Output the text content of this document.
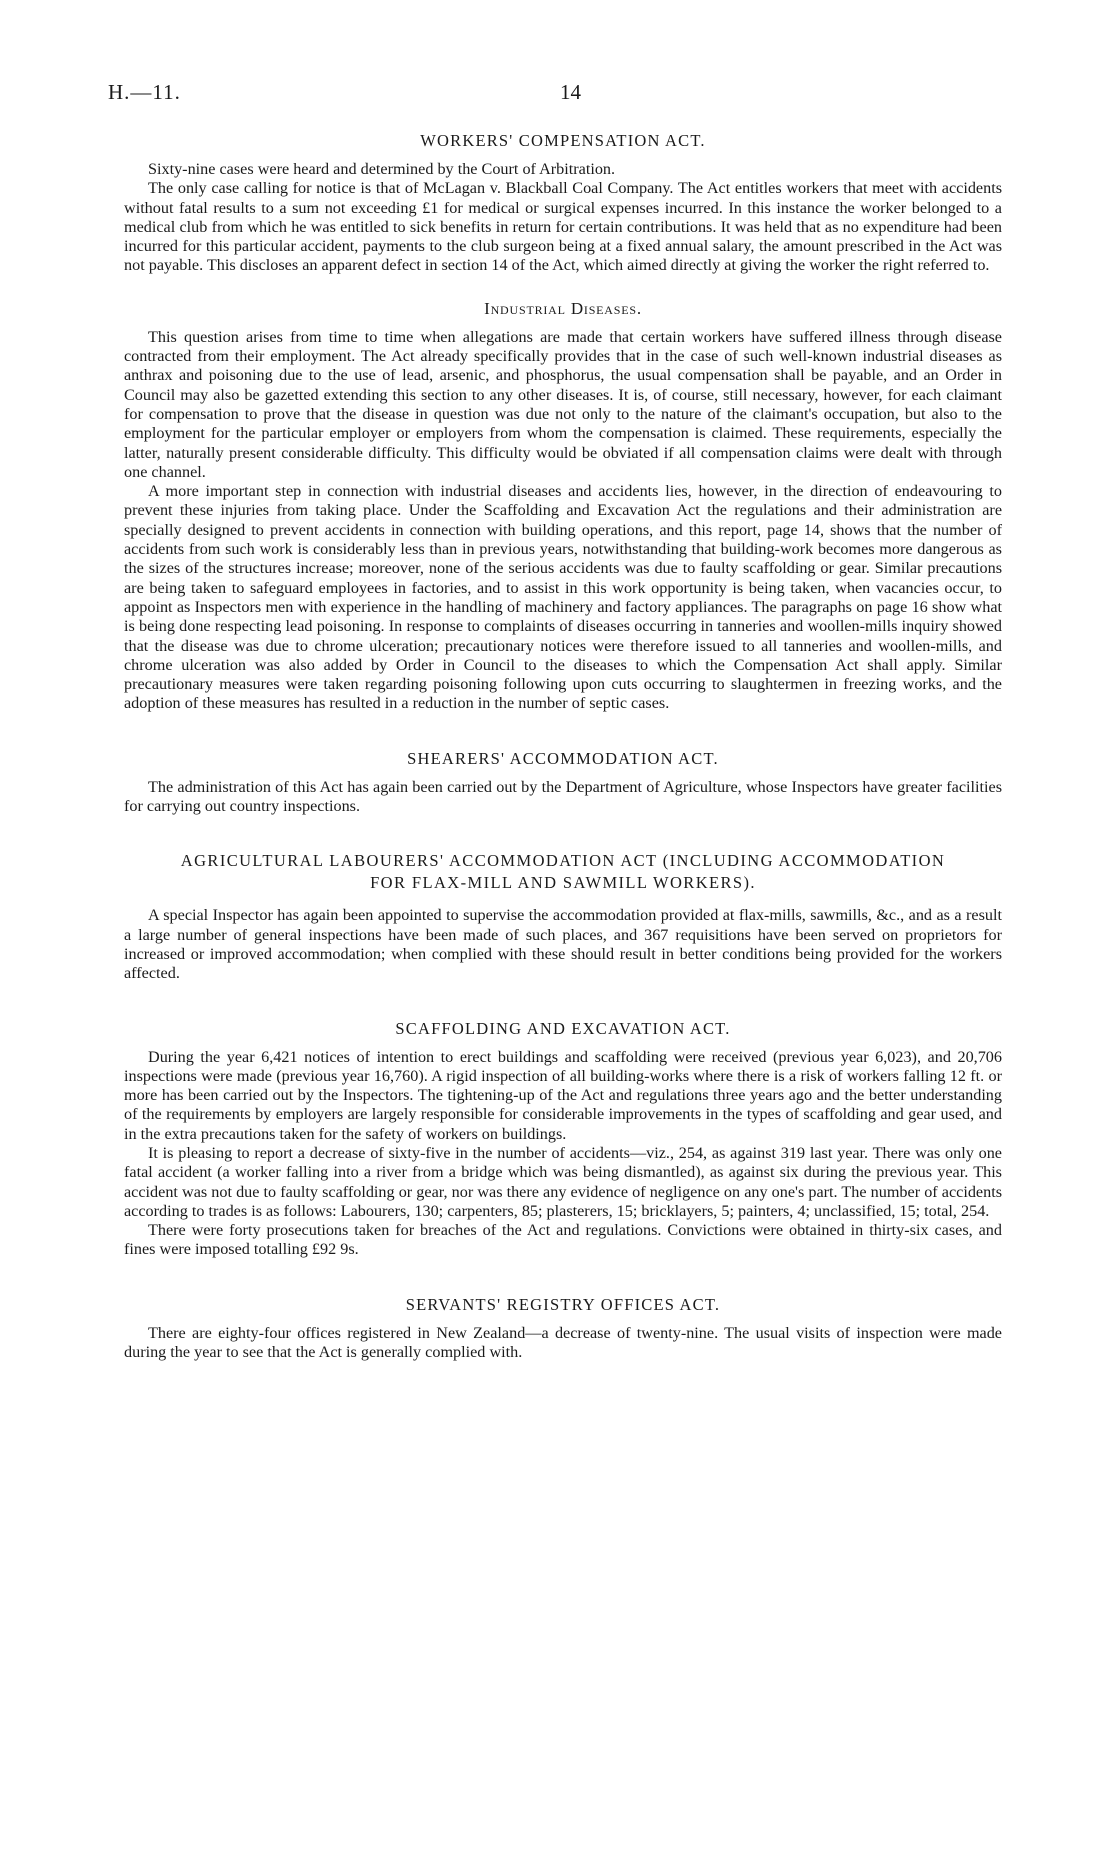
H.—11.	14
WORKERS' COMPENSATION ACT.

Sixty-nine cases were heard and determined by the Court of Arbitration.

The only case calling for notice is that of McLagan v. Blackball Coal Company. The Act entitles workers that meet with accidents without fatal results to a sum not exceeding £1 for medical or surgical expenses incurred. In this instance the worker belonged to a medical club from which he was entitled to sick benefits in return for certain contributions. It was held that as no expenditure had been incurred for this particular accident, payments to the club surgeon being at a fixed annual salary, the amount prescribed in the Act was not payable. This discloses an apparent defect in section 14 of the Act, which aimed directly at giving the worker the right referred to.

Industrial Diseases.

This question arises from time to time when allegations are made that certain workers have suffered illness through disease contracted from their employment. The Act already specifically provides that in the case of such well-known industrial diseases as anthrax and poisoning due to the use of lead, arsenic, and phosphorus, the usual compensation shall be payable, and an Order in Council may also be gazetted extending this section to any other diseases. It is, of course, still necessary, however, for each claimant for compensation to prove that the disease in question was due not only to the nature of the claimant's occupation, but also to the employment for the particular employer or employers from whom the compensation is claimed. These requirements, especially the latter, naturally present considerable difficulty. This difficulty would be obviated if all compensation claims were dealt with through one channel.

A more important step in connection with industrial diseases and accidents lies, however, in the direction of endeavouring to prevent these injuries from taking place. Under the Scaffolding and Excavation Act the regulations and their administration are specially designed to prevent accidents in connection with building operations, and this report, page 14, shows that the number of accidents from such work is considerably less than in previous years, notwithstanding that building-work becomes more dangerous as the sizes of the structures increase; moreover, none of the serious accidents was due to faulty scaffolding or gear. Similar precautions are being taken to safeguard employees in factories, and to assist in this work opportunity is being taken, when vacancies occur, to appoint as Inspectors men with experience in the handling of machinery and factory appliances. The paragraphs on page 16 show what is being done respecting lead poisoning. In response to complaints of diseases occurring in tanneries and woollen-mills inquiry showed that the disease was due to chrome ulceration; precautionary notices were therefore issued to all tanneries and woollen-mills, and chrome ulceration was also added by Order in Council to the diseases to which the Compensation Act shall apply. Similar precautionary measures were taken regarding poisoning following upon cuts occurring to slaughtermen in freezing works, and the adoption of these measures has resulted in a reduction in the number of septic cases.

SHEARERS' ACCOMMODATION ACT.

The administration of this Act has again been carried out by the Department of Agriculture, whose Inspectors have greater facilities for carrying out country inspections.

AGRICULTURAL LABOURERS' ACCOMMODATION ACT (INCLUDING ACCOMMODATION
FOR FLAX-MILL AND SAWMILL WORKERS).

A special Inspector has again been appointed to supervise the accommodation provided at flax-mills, sawmills, &c., and as a result a large number of general inspections have been made of such places, and 367 requisitions have been served on proprietors for increased or improved accommodation; when complied with these should result in better conditions being provided for the workers affected.

SCAFFOLDING AND EXCAVATION ACT.

During the year 6,421 notices of intention to erect buildings and scaffolding were received (previous year 6,023), and 20,706 inspections were made (previous year 16,760). A rigid inspection of all building-works where there is a risk of workers falling 12 ft. or more has been carried out by the Inspectors. The tightening-up of the Act and regulations three years ago and the better understanding of the requirements by employers are largely responsible for considerable improvements in the types of scaffolding and gear used, and in the extra precautions taken for the safety of workers on buildings.

It is pleasing to report a decrease of sixty-five in the number of accidents—viz., 254, as against 319 last year. There was only one fatal accident (a worker falling into a river from a bridge which was being dismantled), as against six during the previous year. This accident was not due to faulty scaffolding or gear, nor was there any evidence of negligence on any one's part. The number of accidents according to trades is as follows: Labourers, 130; carpenters, 85; plasterers, 15; bricklayers, 5; painters, 4; unclassified, 15; total, 254.

There were forty prosecutions taken for breaches of the Act and regulations. Convictions were obtained in thirty-six cases, and fines were imposed totalling £92 9s.

SERVANTS' REGISTRY OFFICES ACT.

There are eighty-four offices registered in New Zealand—a decrease of twenty-nine. The usual visits of inspection were made during the year to see that the Act is generally complied with.
